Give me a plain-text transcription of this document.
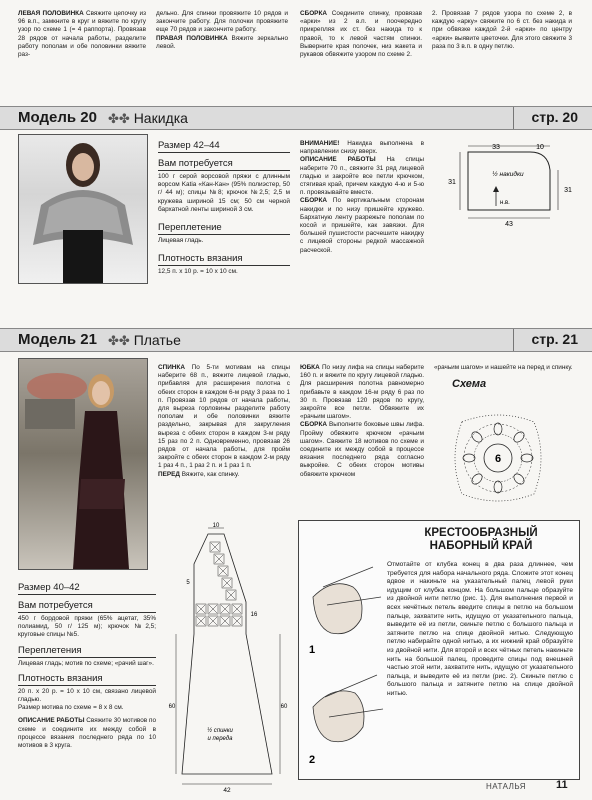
ЛЕВАЯ ПОЛОВИНКА Свяжите цепочку из 96 в.п., замкните в круг и вяжите по кругу узор по схеме 1 (= 4 раппорта). Провязав 28 рядов от начала работы, разделите работу пополам и обе половинки вяжите раз-

дельно. Для спинки провяжите 10 рядов и закончите работу. Для полочки провяжите еще 70 рядов и закончите работу.

ПРАВАЯ ПОЛОВИНКА Вяжите зеркально левой.

СБОРКА Соедините спинку, провязав «арки» из 2 в.п. и поочередно прикрепляя их ст. без накида то к правой, то к левой частям спинки. Выверните края полочек, низ жакета и рукавов обвяжите узором по схеме 2.

2. Провязав 7 рядов узора по схеме 2, в каждую «арку» свяжите по 6 ст. без накида и при обвязке каждой 2-й «арки» по центру «арки» выявите цветочки. Для этого свяжите 3 раза по 3 в.п. в одну петлю.

Модель 20 ✤✤ Накидка	стр. 20
Размер 42–44
Вам потребуется

100 г серой ворсовой пряжи с длинным ворсом Katia «Кан-Кан» (95% полиэстер, 50 г/ 44 м); спицы №8; крючок №2,5; 2,5 м кружева шириной 15 см; 50 см черной бархатной ленты шириной 3 см.

Переплетение

Лицевая гладь.

Плотность вязания

12,5 п. x 10 р. = 10 x 10 см.

ВНИМАНИЕ! Накидка выполнена в направлении снизу вверх.

ОПИСАНИЕ РАБОТЫ На спицы наберите 70 п., свяжите 31 ряд лицевой гладью и закройте все петли крючком, стягивая край, причем каждую 4-ю и 5-ю п. провязывайте вместе.

СБОРКА По вертикальным сторонам накидки и по низу пришейте кружево. Бархатную ленту разрежьте пополам по косой и пришейте, как завязки. Для большей пушистости расчешите накидку с лицевой стороны редкой массажной расческой.

33	10
31
31
43
½ накидки
н.в.
Модель 21 ✤✤ Платье	стр. 21

СПИНКА По 5-ти мотивам на спицы наберите 68 п., вяжите лицевой гладью, прибавляя для расширения полотна с обеих сторон в каждом 6-м ряду 3 раза по 1 п. Провязав 10 рядов от начала работы, для выреза горловины разделите работу пополам и обе половинки вяжите раздельно, закрывая для закругления выреза с обеих сторон в каждом 3-м ряду 15 раз по 2 п. Одновременно, провязав 26 рядов от начала работы, для пройм закройте с обеих сторон в каждом 2-м ряду 1 раз 4 п., 1 раз 2 п. и 1 раз 1 п.

ПЕРЕД Вяжите, как спинку.

ЮБКА По низу лифа на спицы наберите 160 п. и вяжите по кругу лицевой гладью. Для расширения полотна равномерно прибавьте в каждом 16-м ряду 6 раз по 30 п. Провязав 120 рядов по кругу, закройте все петли. Обвяжите их «рачьим шагом».

СБОРКА Выполните боковые швы лифа. Пройму обвяжите крючком «рачьим шагом». Свяжите 18 мотивов по схеме и соедините их между собой в процессе вязания последнего ряда согласно выкройке. С обеих сторон мотивы обвяжите крючком

«рачьим шагом» и нашейте на перед и спинку.

Схема
6
Размер 40–42
Вам потребуется

450 г бордовой пряжи (65% ацетат, 35% полиамид, 50 г/ 125 м); крючок №2,5; круговые спицы №5.

Переплетения

Лицевая гладь; мотив по схеме; «рачий шаг».

Плотность вязания

20 п. x 20 р. = 10 x 10 см, связано лицевой гладью.

Размер мотива по схеме = 8 x 8 см.

ОПИСАНИЕ РАБОТЫ Свяжите 30 мотивов по схеме и соедините их между собой в процессе вязания последнего ряда по 10 мотивов в 3 круга.

10
5
16
60	60
42
½ спинки
и переда
КРЕСТООБРАЗНЫЙ
НАБОРНЫЙ КРАЙ
1
2

Отмотайте от клубка конец в два раза длиннее, чем требуется для набора начального ряда. Сложите этот конец вдвое и накиньте на указательный палец левой руки идущим от клубка концом. На большом пальце образуйте из двойной нити петлю (рис. 1). Для выполнения первой и всех нечётных петель введите спицы в петлю на большом пальце, захватите нить, идущую от указательного пальца, выведите её из петли, скиньте петлю с большого пальца и затяните петлю на спице двойной нитью. Следующую петлю набирайте одной нитью, а их нижний край образуйте из двойной нити. Для второй и всех чётных петель накиньте нить на большой палец, проведите спицы под внешней частью этой нити, захватите нить, идущую от указательного пальца, и выведите её из петли (рис. 2). Скиньте петлю с большого пальца и затяните петлю на спице двойной нитью.

НАТАЛЬЯ	11
